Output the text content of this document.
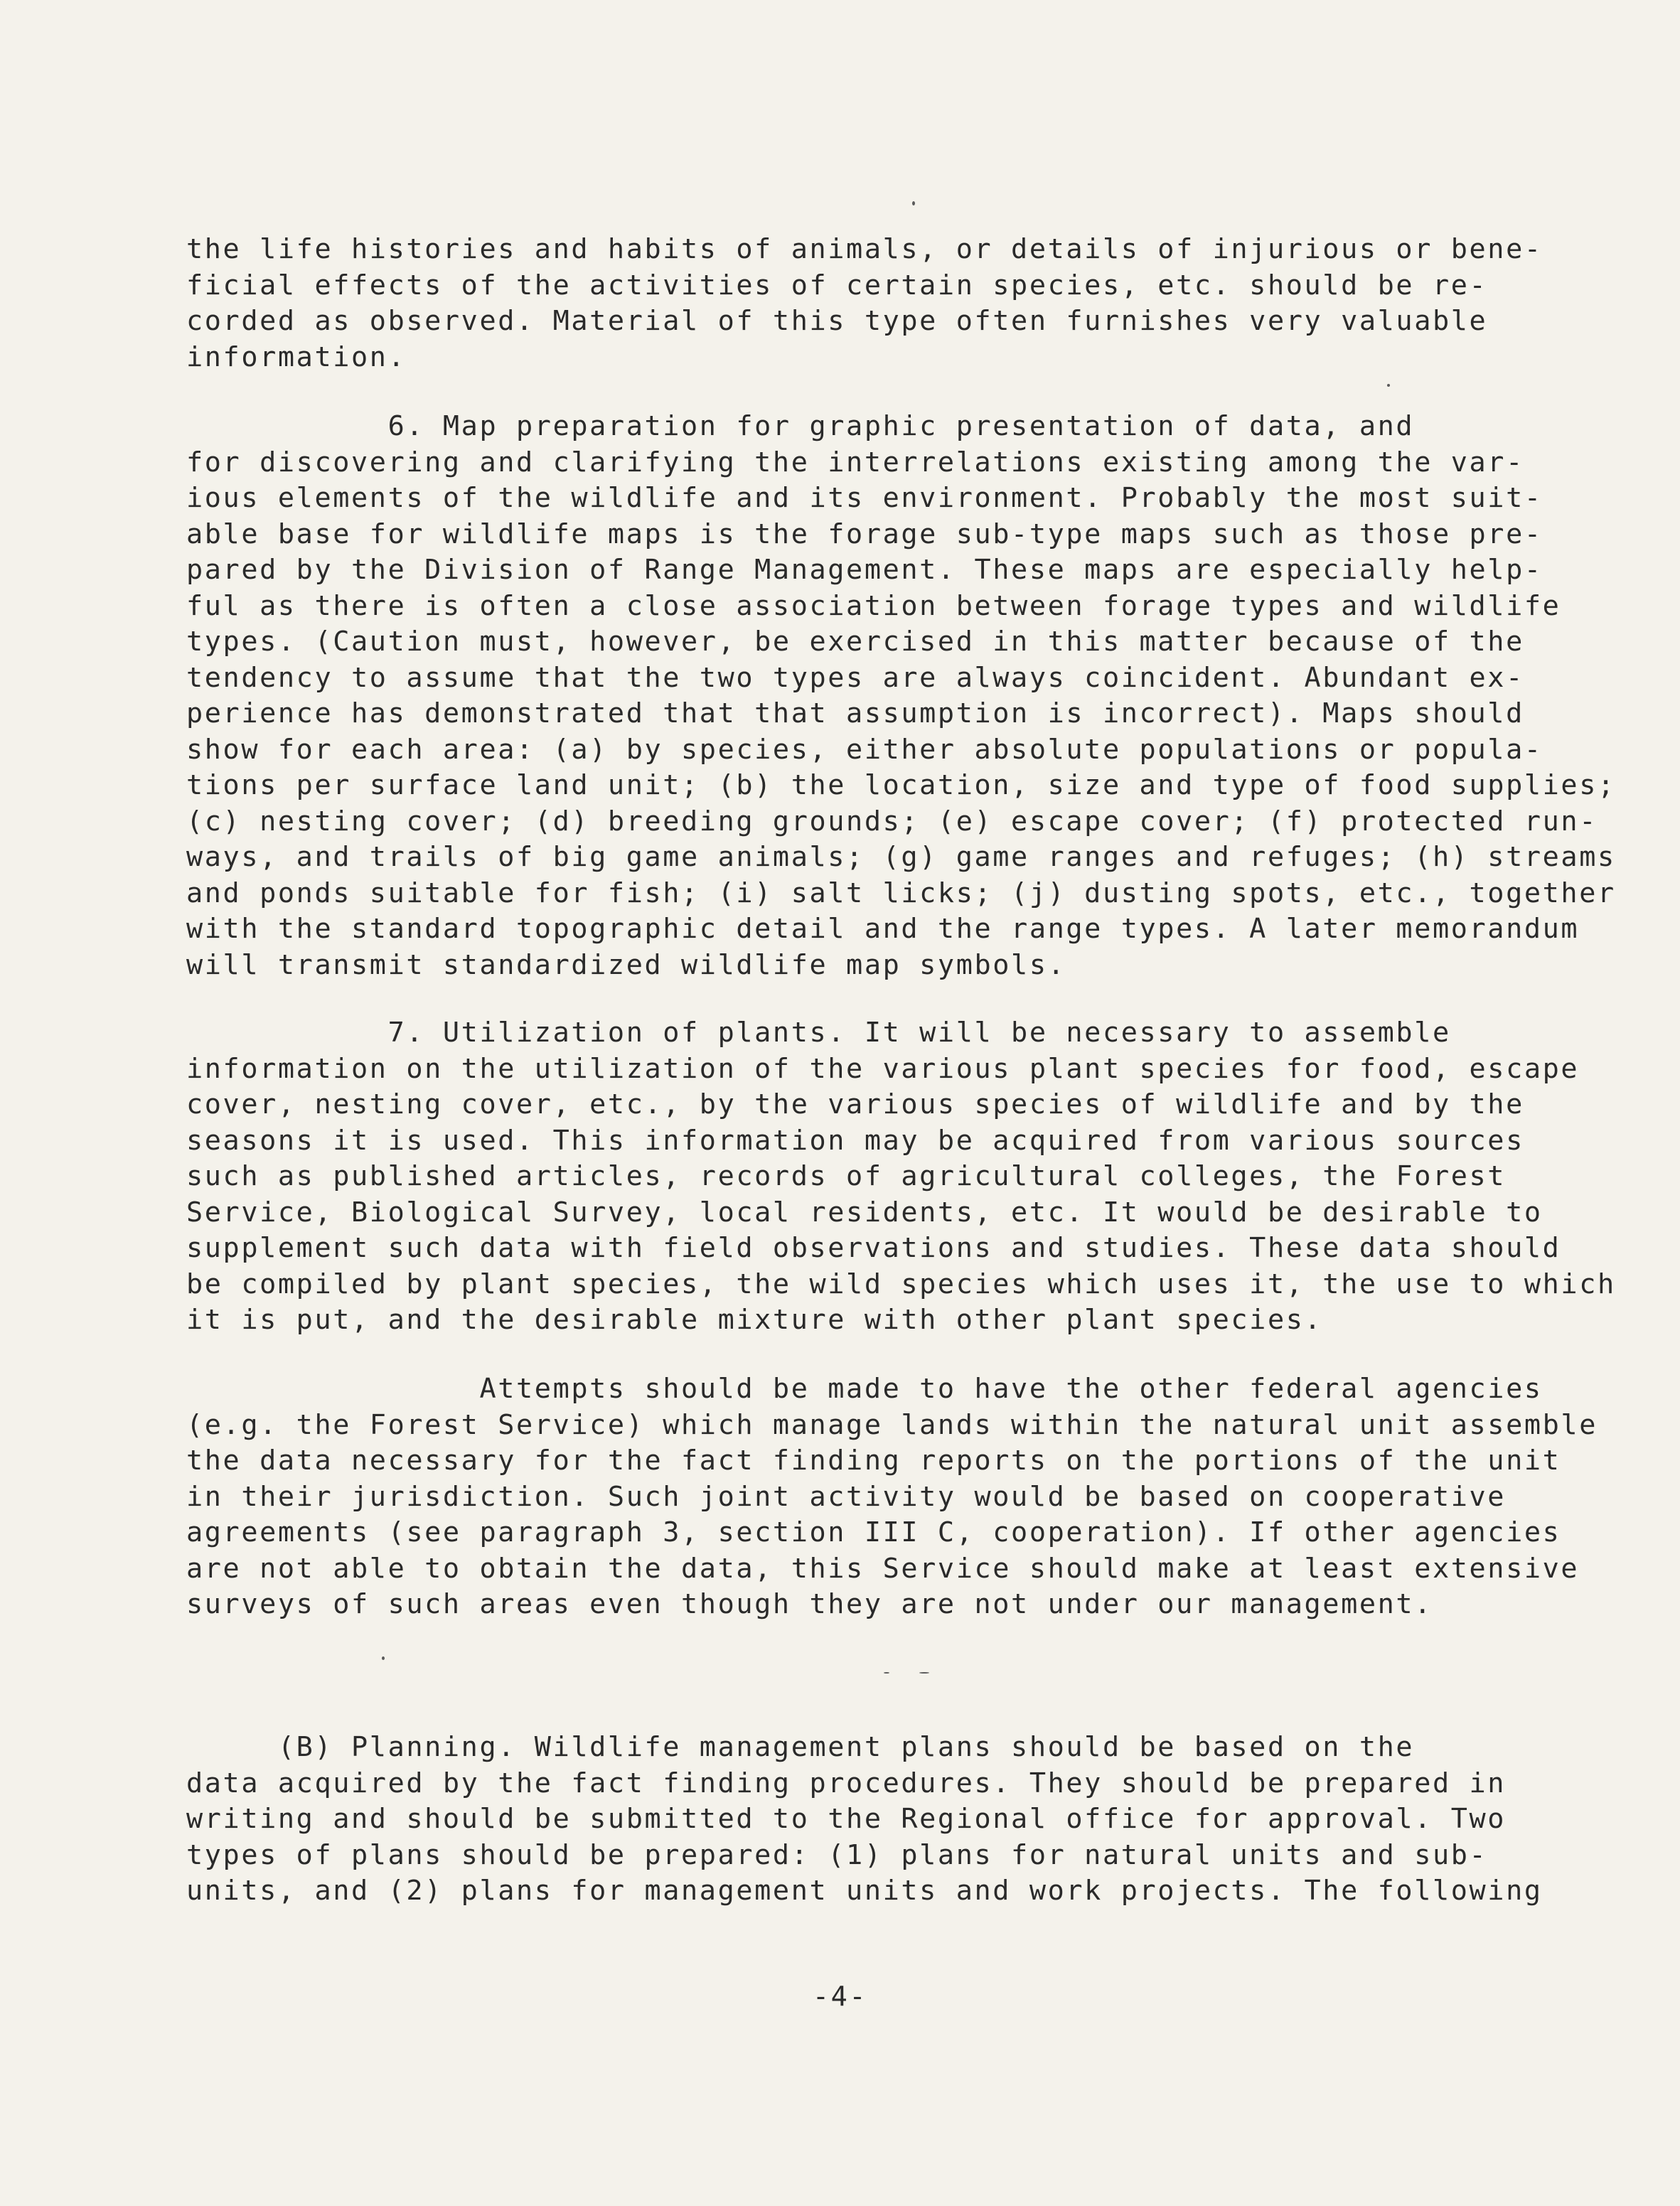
the life histories and habits of animals, or details of injurious or bene-
ficial effects of the activities of certain species, etc. should be re-
corded as observed. Material of this type often furnishes very valuable
information.
6. Map preparation for graphic presentation of data, and
for discovering and clarifying the interrelations existing among the var-
ious elements of the wildlife and its environment. Probably the most suit-
able base for wildlife maps is the forage sub-type maps such as those pre-
pared by the Division of Range Management. These maps are especially help-
ful as there is often a close association between forage types and wildlife
types. (Caution must, however, be exercised in this matter because of the
tendency to assume that the two types are always coincident. Abundant ex-
perience has demonstrated that that assumption is incorrect). Maps should
show for each area: (a) by species, either absolute populations or popula-
tions per surface land unit; (b) the location, size and type of food supplies;
(c) nesting cover; (d) breeding grounds; (e) escape cover; (f) protected run-
ways, and trails of big game animals; (g) game ranges and refuges; (h) streams
and ponds suitable for fish; (i) salt licks; (j) dusting spots, etc., together
with the standard topographic detail and the range types. A later memorandum
will transmit standardized wildlife map symbols.
7. Utilization of plants. It will be necessary to assemble
information on the utilization of the various plant species for food, escape
cover, nesting cover, etc., by the various species of wildlife and by the
seasons it is used. This information may be acquired from various sources
such as published articles, records of agricultural colleges, the Forest
Service, Biological Survey, local residents, etc. It would be desirable to
supplement such data with field observations and studies. These data should
be compiled by plant species, the wild species which uses it, the use to which
it is put, and the desirable mixture with other plant species.
Attempts should be made to have the other federal agencies
(e.g. the Forest Service) which manage lands within the natural unit assemble
the data necessary for the fact finding reports on the portions of the unit
in their jurisdiction. Such joint activity would be based on cooperative
agreements (see paragraph 3, section III C, cooperation). If other agencies
are not able to obtain the data, this Service should make at least extensive
surveys of such areas even though they are not under our management.
(B) Planning. Wildlife management plans should be based on the
data acquired by the fact finding procedures. They should be prepared in
writing and should be submitted to the Regional office for approval. Two
types of plans should be prepared: (1) plans for natural units and sub-
units, and (2) plans for management units and work projects. The following
-4-
